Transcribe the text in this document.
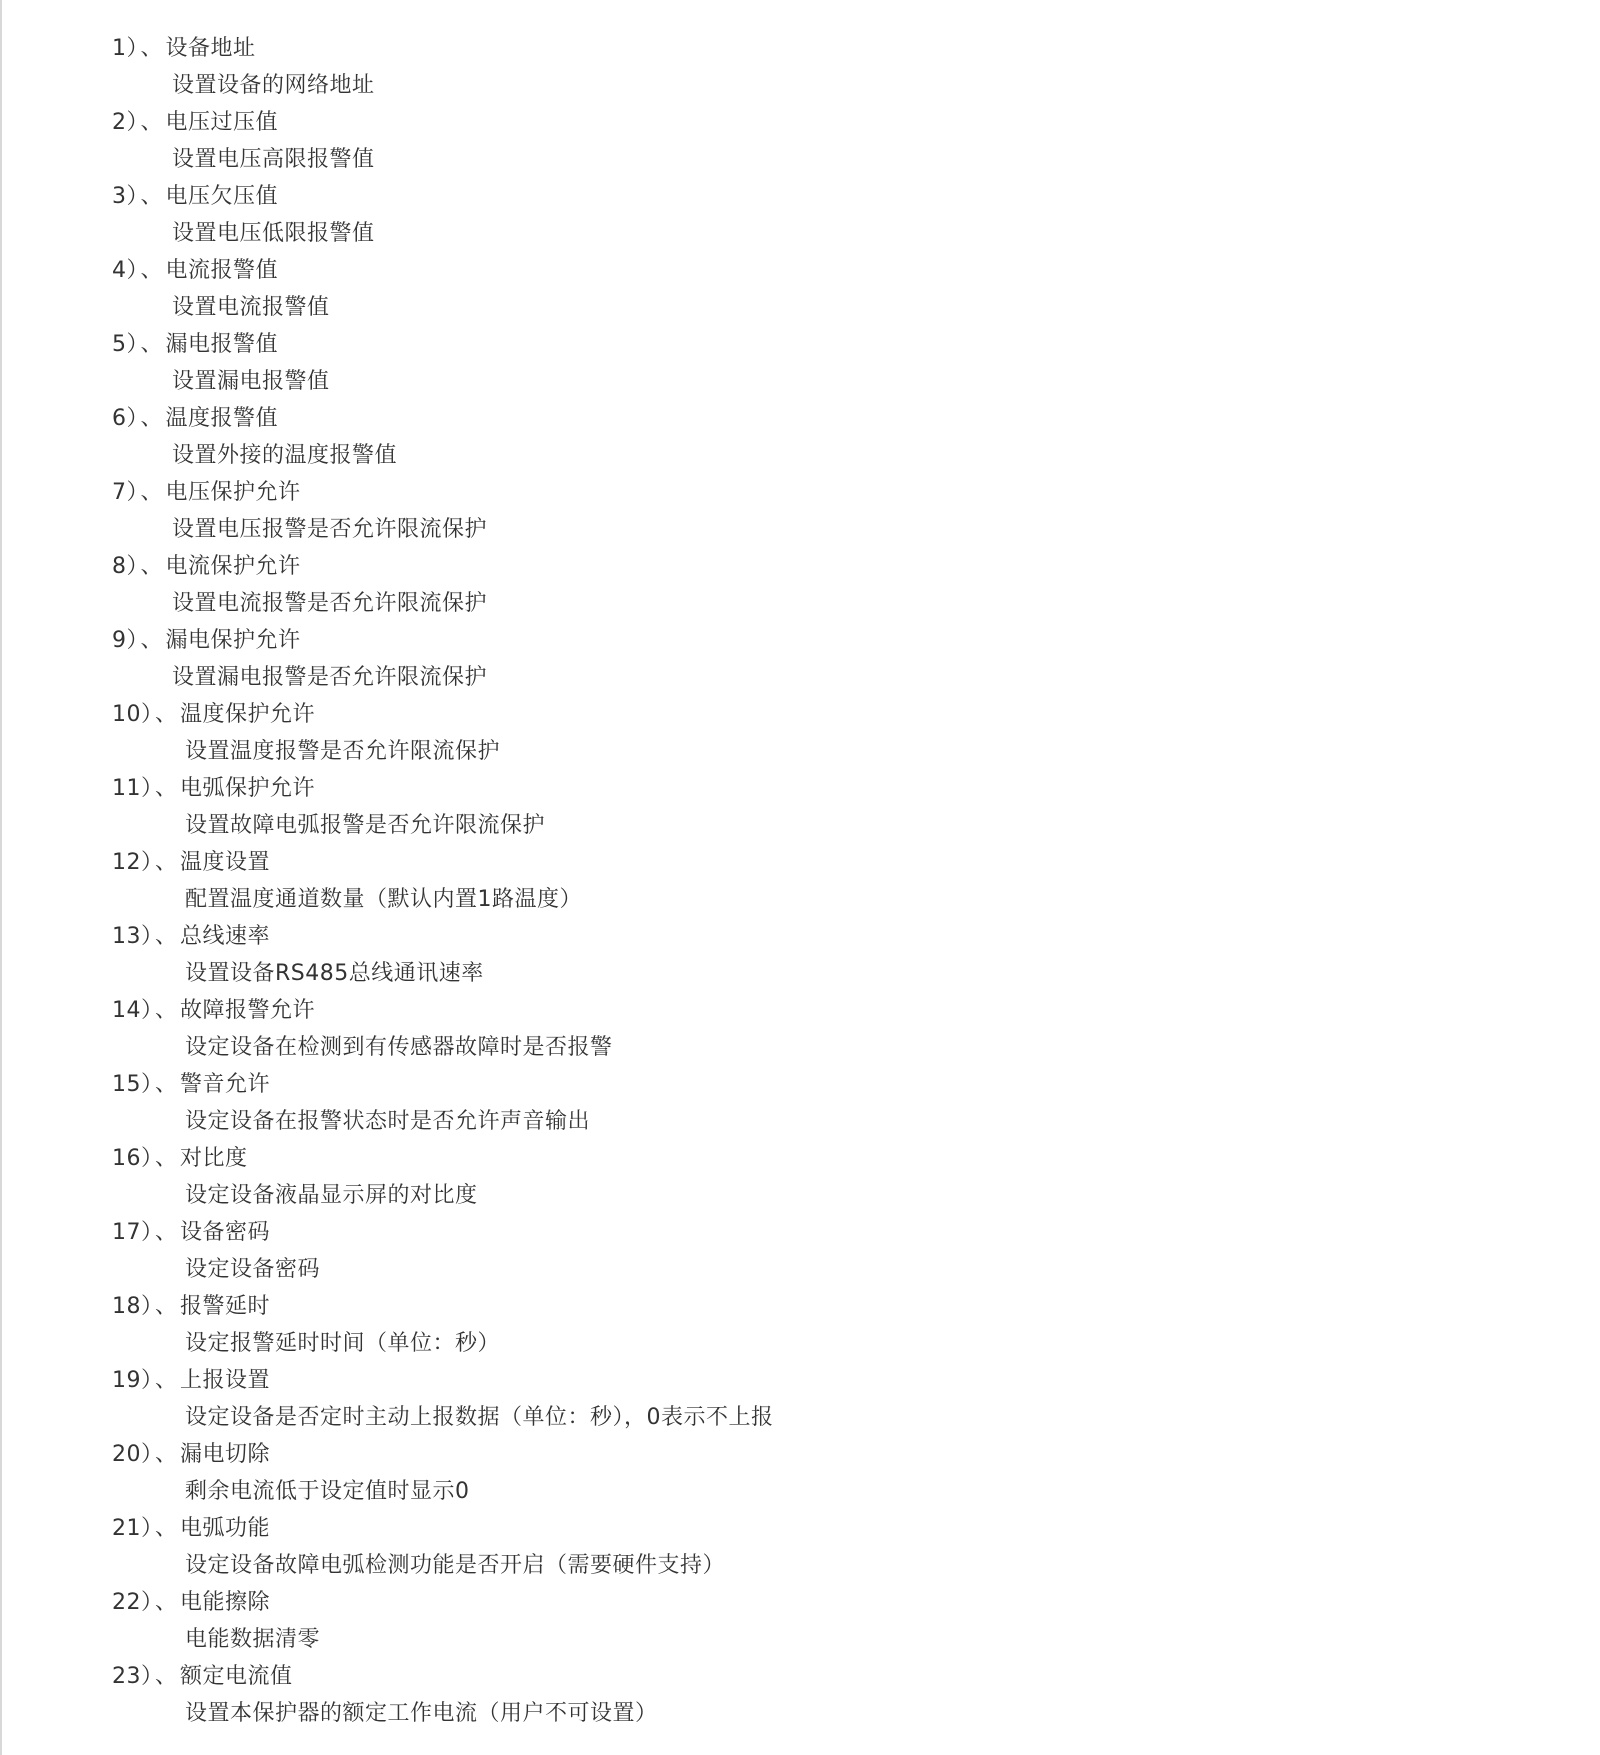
1）、设备地址
设置设备的网络地址
2）、电压过压值
设置电压高限报警值
3）、电压欠压值
设置电压低限报警值
4）、电流报警值
设置电流报警值
5）、漏电报警值
设置漏电报警值
6）、温度报警值
设置外接的温度报警值
7）、电压保护允许
设置电压报警是否允许限流保护
8）、电流保护允许
设置电流报警是否允许限流保护
9）、漏电保护允许
设置漏电报警是否允许限流保护
10）、温度保护允许
设置温度报警是否允许限流保护
11）、电弧保护允许
设置故障电弧报警是否允许限流保护
12）、温度设置
配置温度通道数量（默认内置1路温度）
13）、总线速率
设置设备RS485总线通讯速率
14）、故障报警允许
设定设备在检测到有传感器故障时是否报警
15）、警音允许
设定设备在报警状态时是否允许声音输出
16）、对比度
设定设备液晶显示屏的对比度
17）、设备密码
设定设备密码
18）、报警延时
设定报警延时时间（单位：秒）
19）、上报设置
设定设备是否定时主动上报数据（单位：秒），0表示不上报
20）、漏电切除
剩余电流低于设定值时显示0
21）、电弧功能
设定设备故障电弧检测功能是否开启（需要硬件支持）
22）、电能擦除
电能数据清零
23）、额定电流值
设置本保护器的额定工作电流（用户不可设置）
